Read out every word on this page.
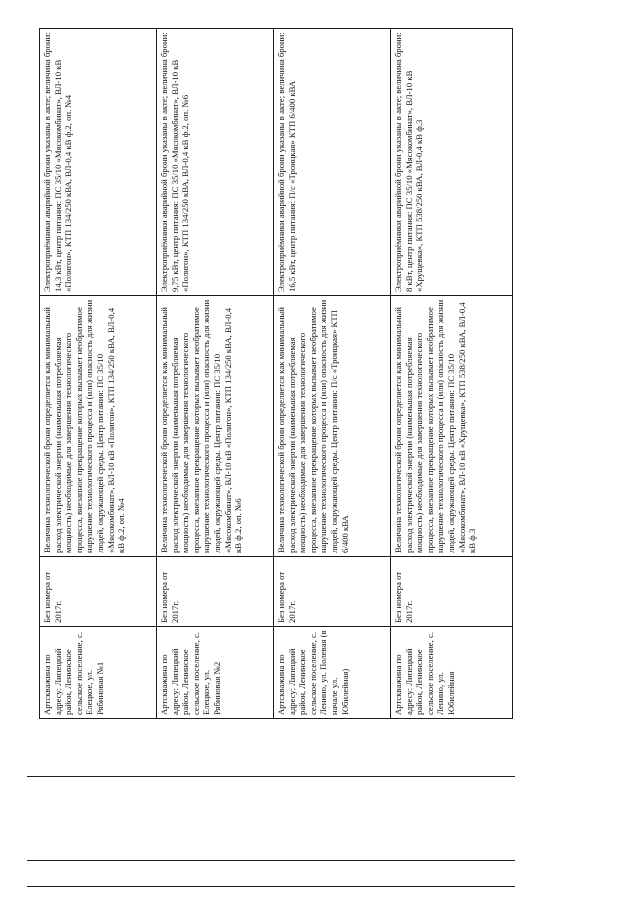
Артскважина по адресу: Липецкий район, Ленинское сельское поселение, с. Елецкое, ул. Рябиновая №1	Без номера от 2017г.	Величина технологической брони определяется как минимальный расход электрической энергии (наименьшая потребляемая мощность) необходимые для завершения технологического процесса, внезапное прекращение которых вызывает необратимое нарушение технологического процесса и (или) опасность для жизни людей, окружающей среды. Центр питания: ПС 35/10 «Мясокомбинат», ВЛ-10 кВ «Полигон», КТП 134/250 кВА, ВЛ-0,4 кВ ф.2, оп. №4	Электроприёмники аварийной брони указаны в акте; величина брони: 14,3 кВт, центр питания: ПС 35/10 «Мясокомбинат», ВЛ-10 кВ «Полигон», КТП 134/250 кВА, ВЛ-0,4 кВ ф.2, оп. №4

Артскважина по адресу: Липецкий район, Ленинское сельское поселение, с. Елецкое, ул. Рябиновая №2	Без номера от 2017г.	Величина технологической брони определяется как минимальный расход электрической энергии (наименьшая потребляемая мощность) необходимые для завершения технологического процесса, внезапное прекращение которых вызывает необратимое нарушение технологического процесса и (или) опасность для жизни людей, окружающей среды. Центр питания: ПС 35/10 «Мясокомбинат», ВЛ-10 кВ «Полигон», КТП 134/250 кВА, ВЛ-0,4 кВ ф.2, оп. №6	Электроприёмники аварийной брони указаны в акте; величина брони: 9,75 кВт, центр питания: ПС 35/10 «Мясокомбинат», ВЛ-10 кВ «Полигон», КТП 134/250 кВА, ВЛ-0,4 кВ ф.2, оп. №6

Артскважина по адресу: Липецкий район, Ленинское сельское поселение, с. Ленино, ул. Полевая (в начале ул. Юбилейная)	Без номера от 2017г.	Величина технологической брони определяется как минимальный расход электрической энергии (наименьшая потребляемая мощность) необходимые для завершения технологического процесса, внезапное прекращение которых вызывает необратимое нарушение технологического процесса и (или) опасность для жизни людей, окружающей среды. Центр питания: П/с «Троицкая» КТП 6/400 кВА	Электроприёмники аварийной брони указаны в акте; величина брони: 16,5 кВт, центр питания: П/с «Троицкая» КТП 6/400 кВА

Артскважина по адресу: Липецкий район, Ленинское сельское поселение, с. Ленино, ул. Юбилейная	Без номера от 2017г.	Величина технологической брони определяется как минимальный расход электрической энергии (наименьшая потребляемая мощность) необходимые для завершения технологического процесса, внезапное прекращение которых вызывает необратимое нарушение технологического процесса и (или) опасность для жизни людей, окружающей среды. Центр питания: ПС 35/10 «Мясокомбинат», ВЛ-10 кВ «Хрущевка», КТП 538/250 кВА, ВЛ-0,4 кВ ф.3	Электроприёмники аварийной брони указаны в акте; величина брони: 8 кВт, центр питания: ПС 35/10 «Мясокомбинат», ВЛ-10 кВ «Хрущевка», КТП 538/250 кВА, ВЛ-0,4 кВ ф.3
